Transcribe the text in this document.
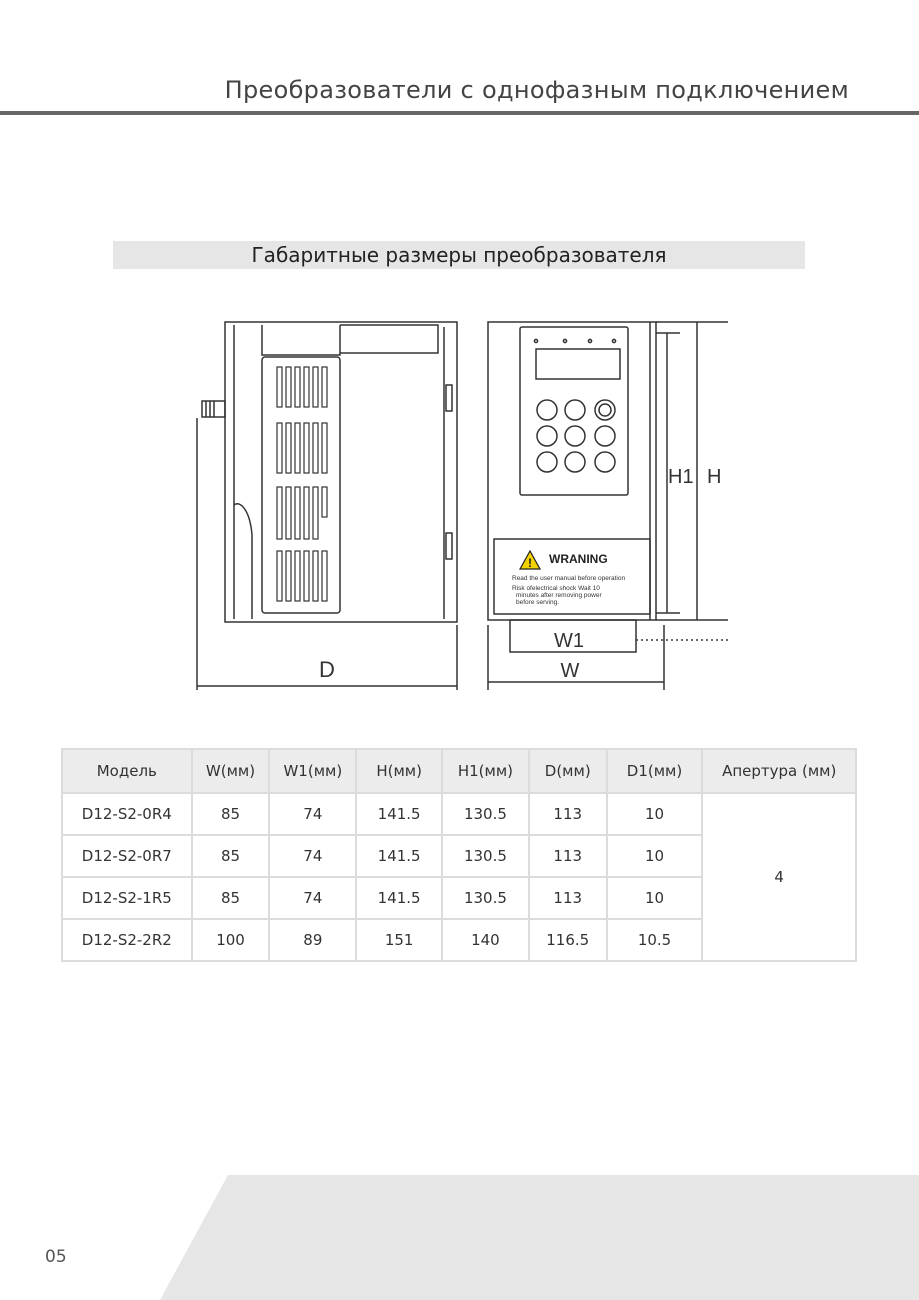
Преобразователи с однофазным подключением
Габаритные размеры преобразователя
! WRANING
Read the user manual before operation
Risk ofelectrical shock Wait 10
minutes after removing power
before serving.
D
W1
W
H1 H
Модель	W(мм)	W1(мм)	H(мм)	H1(мм)	D(мм)	D1(мм)	Апертура (мм)
D12-S2-0R4	85	74	141.5	130.5	113	10	4
D12-S2-0R7	85	74	141.5	130.5	113	10	
D12-S2-1R5	85	74	141.5	130.5	113	10	
D12-S2-2R2	100	89	151	140	116.5	10.5	
05
